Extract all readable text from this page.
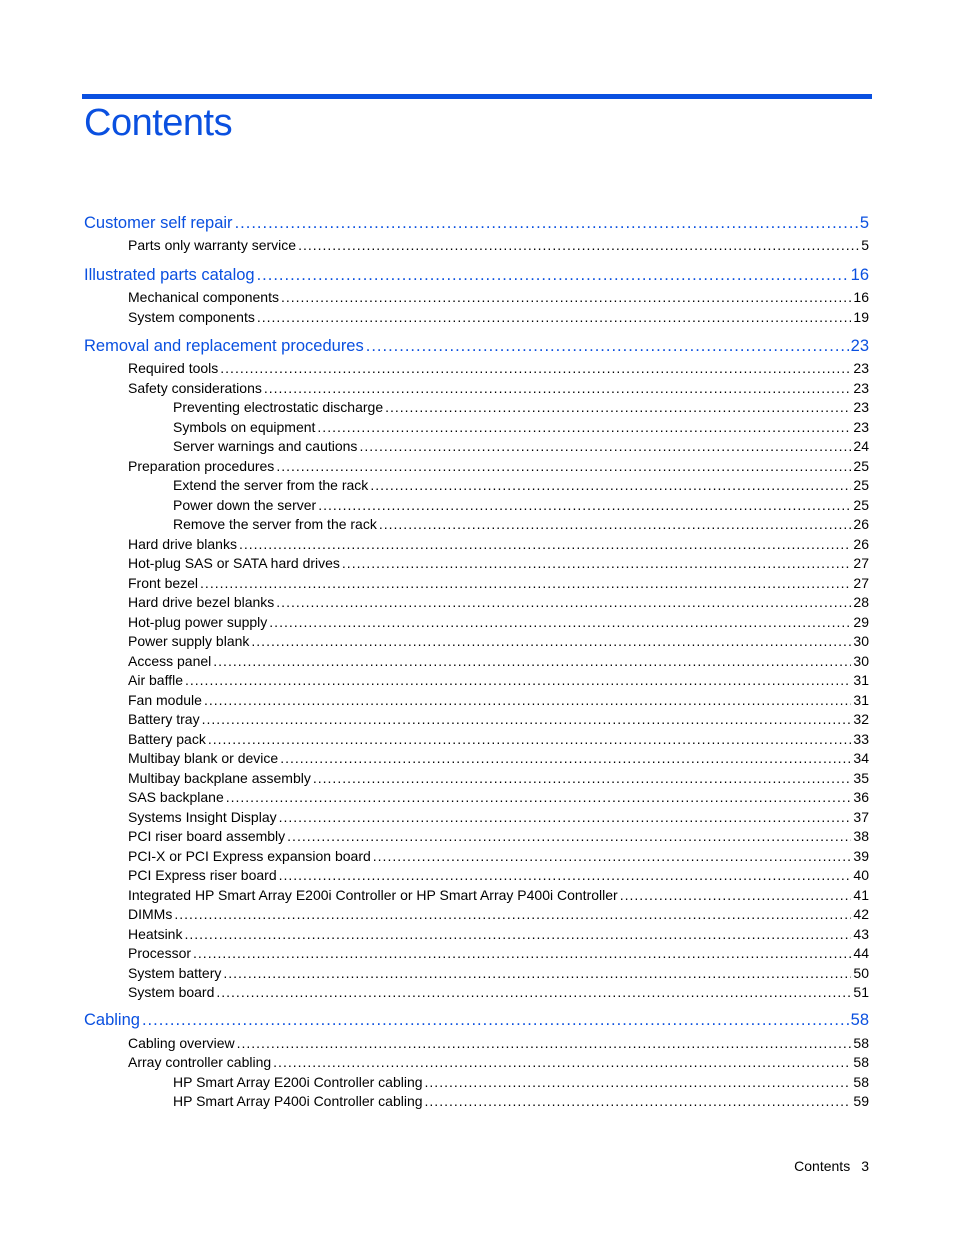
Contents
Customer self repair .....	5
Parts only warranty service .....	5
Illustrated parts catalog .....	16
Mechanical components .....	16
System components .....	19
Removal and replacement procedures .....	23
Required tools .....	23
Safety considerations .....	23
Preventing electrostatic discharge .....	23
Symbols on equipment .....	23
Server warnings and cautions .....	24
Preparation procedures .....	25
Extend the server from the rack .....	25
Power down the server .....	25
Remove the server from the rack .....	26
Hard drive blanks .....	26
Hot-plug SAS or SATA hard drives .....	27
Front bezel .....	27
Hard drive bezel blanks .....	28
Hot-plug power supply .....	29
Power supply blank .....	30
Access panel .....	30
Air baffle .....	31
Fan module .....	31
Battery tray .....	32
Battery pack .....	33
Multibay blank or device .....	34
Multibay backplane assembly .....	35
SAS backplane .....	36
Systems Insight Display .....	37
PCI riser board assembly .....	38
PCI-X or PCI Express expansion board .....	39
PCI Express riser board .....	40
Integrated HP Smart Array E200i Controller or HP Smart Array P400i Controller .....	41
DIMMs .....	42
Heatsink .....	43
Processor .....	44
System battery .....	50
System board .....	51
Cabling .....	58
Cabling overview .....	58
Array controller cabling .....	58
HP Smart Array E200i Controller cabling .....	58
HP Smart Array P400i Controller cabling .....	59
Contents 3
